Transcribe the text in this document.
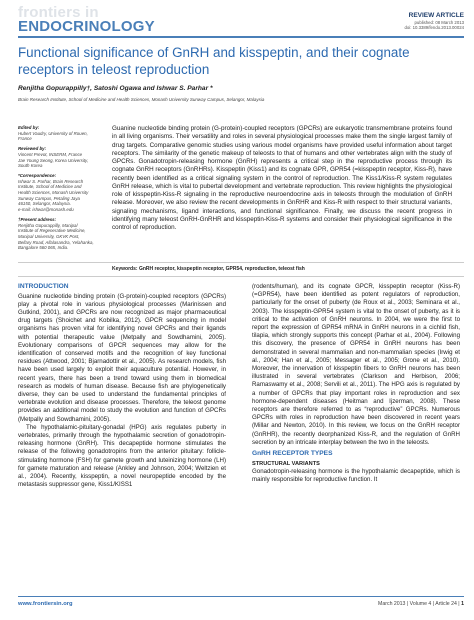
frontiers in
ENDOCRINOLOGY
REVIEW ARTICLE
published: 08 March 2013
doi: 10.3389/fendo.2013.00024
Functional significance of GnRH and kisspeptin, and their cognate receptors in teleost reproduction
Renjitha Gopurappilly†, Satoshi Ogawa and Ishwar S. Parhar *
Brain Research Institute, School of Medicine and Health Sciences, Monash University Sunway Campus, Selangor, Malaysia
Edited by:
Hubert Vaudry, University of Rouen, France
Reviewed by:
Vincent Prevot, INSERM, France
Jae Young Seong, Korea University, South Korea
*Correspondence:
Ishwar S. Parhar, Brain Research Institute, School of Medicine and Health Sciences, Monash University Sunway Campus, Petaling Jaya 46150, Selangor, Malaysia.
e-mail: ishwar@monash.edu
†Present address:
Renjitha Gopurappilly, Manipal Institute of Regenerative Medicine, Manipal University, GKVK Post, Bellary Road, Allalasandra, Yelahanka, Bangalore 560 065, India.
Guanine nucleotide binding protein (G-protein)-coupled receptors (GPCRs) are eukaryotic transmembrane proteins found in all living organisms. Their versatility and roles in several physiological processes make them the single largest family of drug targets. Comparative genomic studies using various model organisms have provided useful information about target receptors. The similarity of the genetic makeup of teleosts to that of humans and other vertebrates align with the study of GPCRs. Gonadotropin-releasing hormone (GnRH) represents a critical step in the reproductive process through its cognate GnRH receptors (GnRHRs). Kisspeptin (Kiss1) and its cognate GPR, GPR54 (=kisspeptin receptor, Kiss-R), have recently been identified as a critical signaling system in the control of reproduction. The Kiss1/Kiss-R system regulates GnRH release, which is vital to pubertal development and vertebrate reproduction. This review highlights the physiological role of kisspeptin-Kiss-R signaling in the reproductive neuroendocrine axis in teleosts through the modulation of GnRH release. Moreover, we also review the recent developments in GnRHR and Kiss-R with respect to their structural variants, signaling mechanisms, ligand interactions, and functional significance. Finally, we discuss the recent progress in identifying many teleost GnRH-GnRHR and kisspeptin-Kiss-R systems and consider their physiological significance in the control of reproduction.
Keywords: GnRH receptor, kisspeptin receptor, GPR54, reproduction, teleost fish
INTRODUCTION

Guanine nucleotide binding protein (G-protein)-coupled receptors (GPCRs) play a pivotal role in various physiological processes (Marinissen and Gutkind, 2001), and GPCRs are now recognized as major pharmaceutical drug targets (Shoichet and Kobilka, 2012). GPCR sequencing in model organisms has proven vital for identifying novel GPCRs and their ligands with potential therapeutic value (Metpally and Sowdhamini, 2005). Evolutionary comparisons of GPCR sequences may allow for the identification of conserved motifs and the recognition of key functional residues (Attwood, 2001; Bjarnadottir et al., 2005). As research models, fish have been used largely to exploit their aquaculture potential. However, in recent years, there has been a trend toward using them in biomedical research as models of human disease. Because fish are phylogenetically diverse, they can be used to understand the fundamental principles of vertebrate evolution and disease processes. Therefore, the teleost genome provides an additional model to study the evolution and function of GPCRs (Metpally and Sowdhamini, 2005).

The hypothalamic-pituitary-gonadal (HPG) axis regulates puberty in vertebrates, primarily through the hypothalamic secretion of gonadotropin-releasing hormone (GnRH). This decapeptide hormone stimulates the release of the following gonadotropins from the anterior pituitary: follicle-stimulating hormone (FSH) for gamete growth and luteinizing hormone (LH) for gamete maturation and release (Ankley and Johnson, 2004; Weltzien et al., 2004). Recently, kisspeptin, a novel neuropeptide encoded by the metastasis suppressor gene, Kiss1/KISS1

(rodents/human), and its cognate GPCR, kisspeptin receptor (Kiss-R) (=GPR54), have been identified as potent regulators of reproduction, particularly for the onset of puberty (de Roux et al., 2003; Seminara et al., 2003). The kisspeptin-GPR54 system is vital to the onset of puberty, as it is critical to the activation of GnRH neurons. In 2004, we were the first to report the expression of GPR54 mRNA in GnRH neurons in a cichlid fish, tilapia, which strongly supports this concept (Parhar et al., 2004). Following this discovery, the presence of GPR54 in GnRH neurons has been demonstrated in several mammalian and non-mammalian species (Irwig et al., 2004; Han et al., 2005; Messager et al., 2005; Grone et al., 2010). Moreover, the innervation of kisspeptin fibers to GnRH neurons has been illustrated in several vertebrates (Clarkson and Herbison, 2006; Ramaswamy et al., 2008; Servili et al., 2011). The HPG axis is regulated by a number of GPCRs that play important roles in reproduction and sex hormone-dependent diseases (Heitman and Ijzerman, 2008). These receptors are therefore referred to as “reproductive” GPCRs. Numerous GPCRs with roles in reproduction have been discovered in recent years (Millar and Newton, 2010). In this review, we focus on the GnRH receptor (GnRHR), the recently deorphanized Kiss-R, and the regulation of GnRH secretion by an intricate interplay between the two in the teleosts.

GnRH RECEPTOR TYPES
STRUCTURAL VARIANTS

Gonadotropin-releasing hormone is the hypothalamic decapeptide, which is mainly responsible for reproductive function. It

www.frontiersin.org	March 2013 | Volume 4 | Article 24 | 1
